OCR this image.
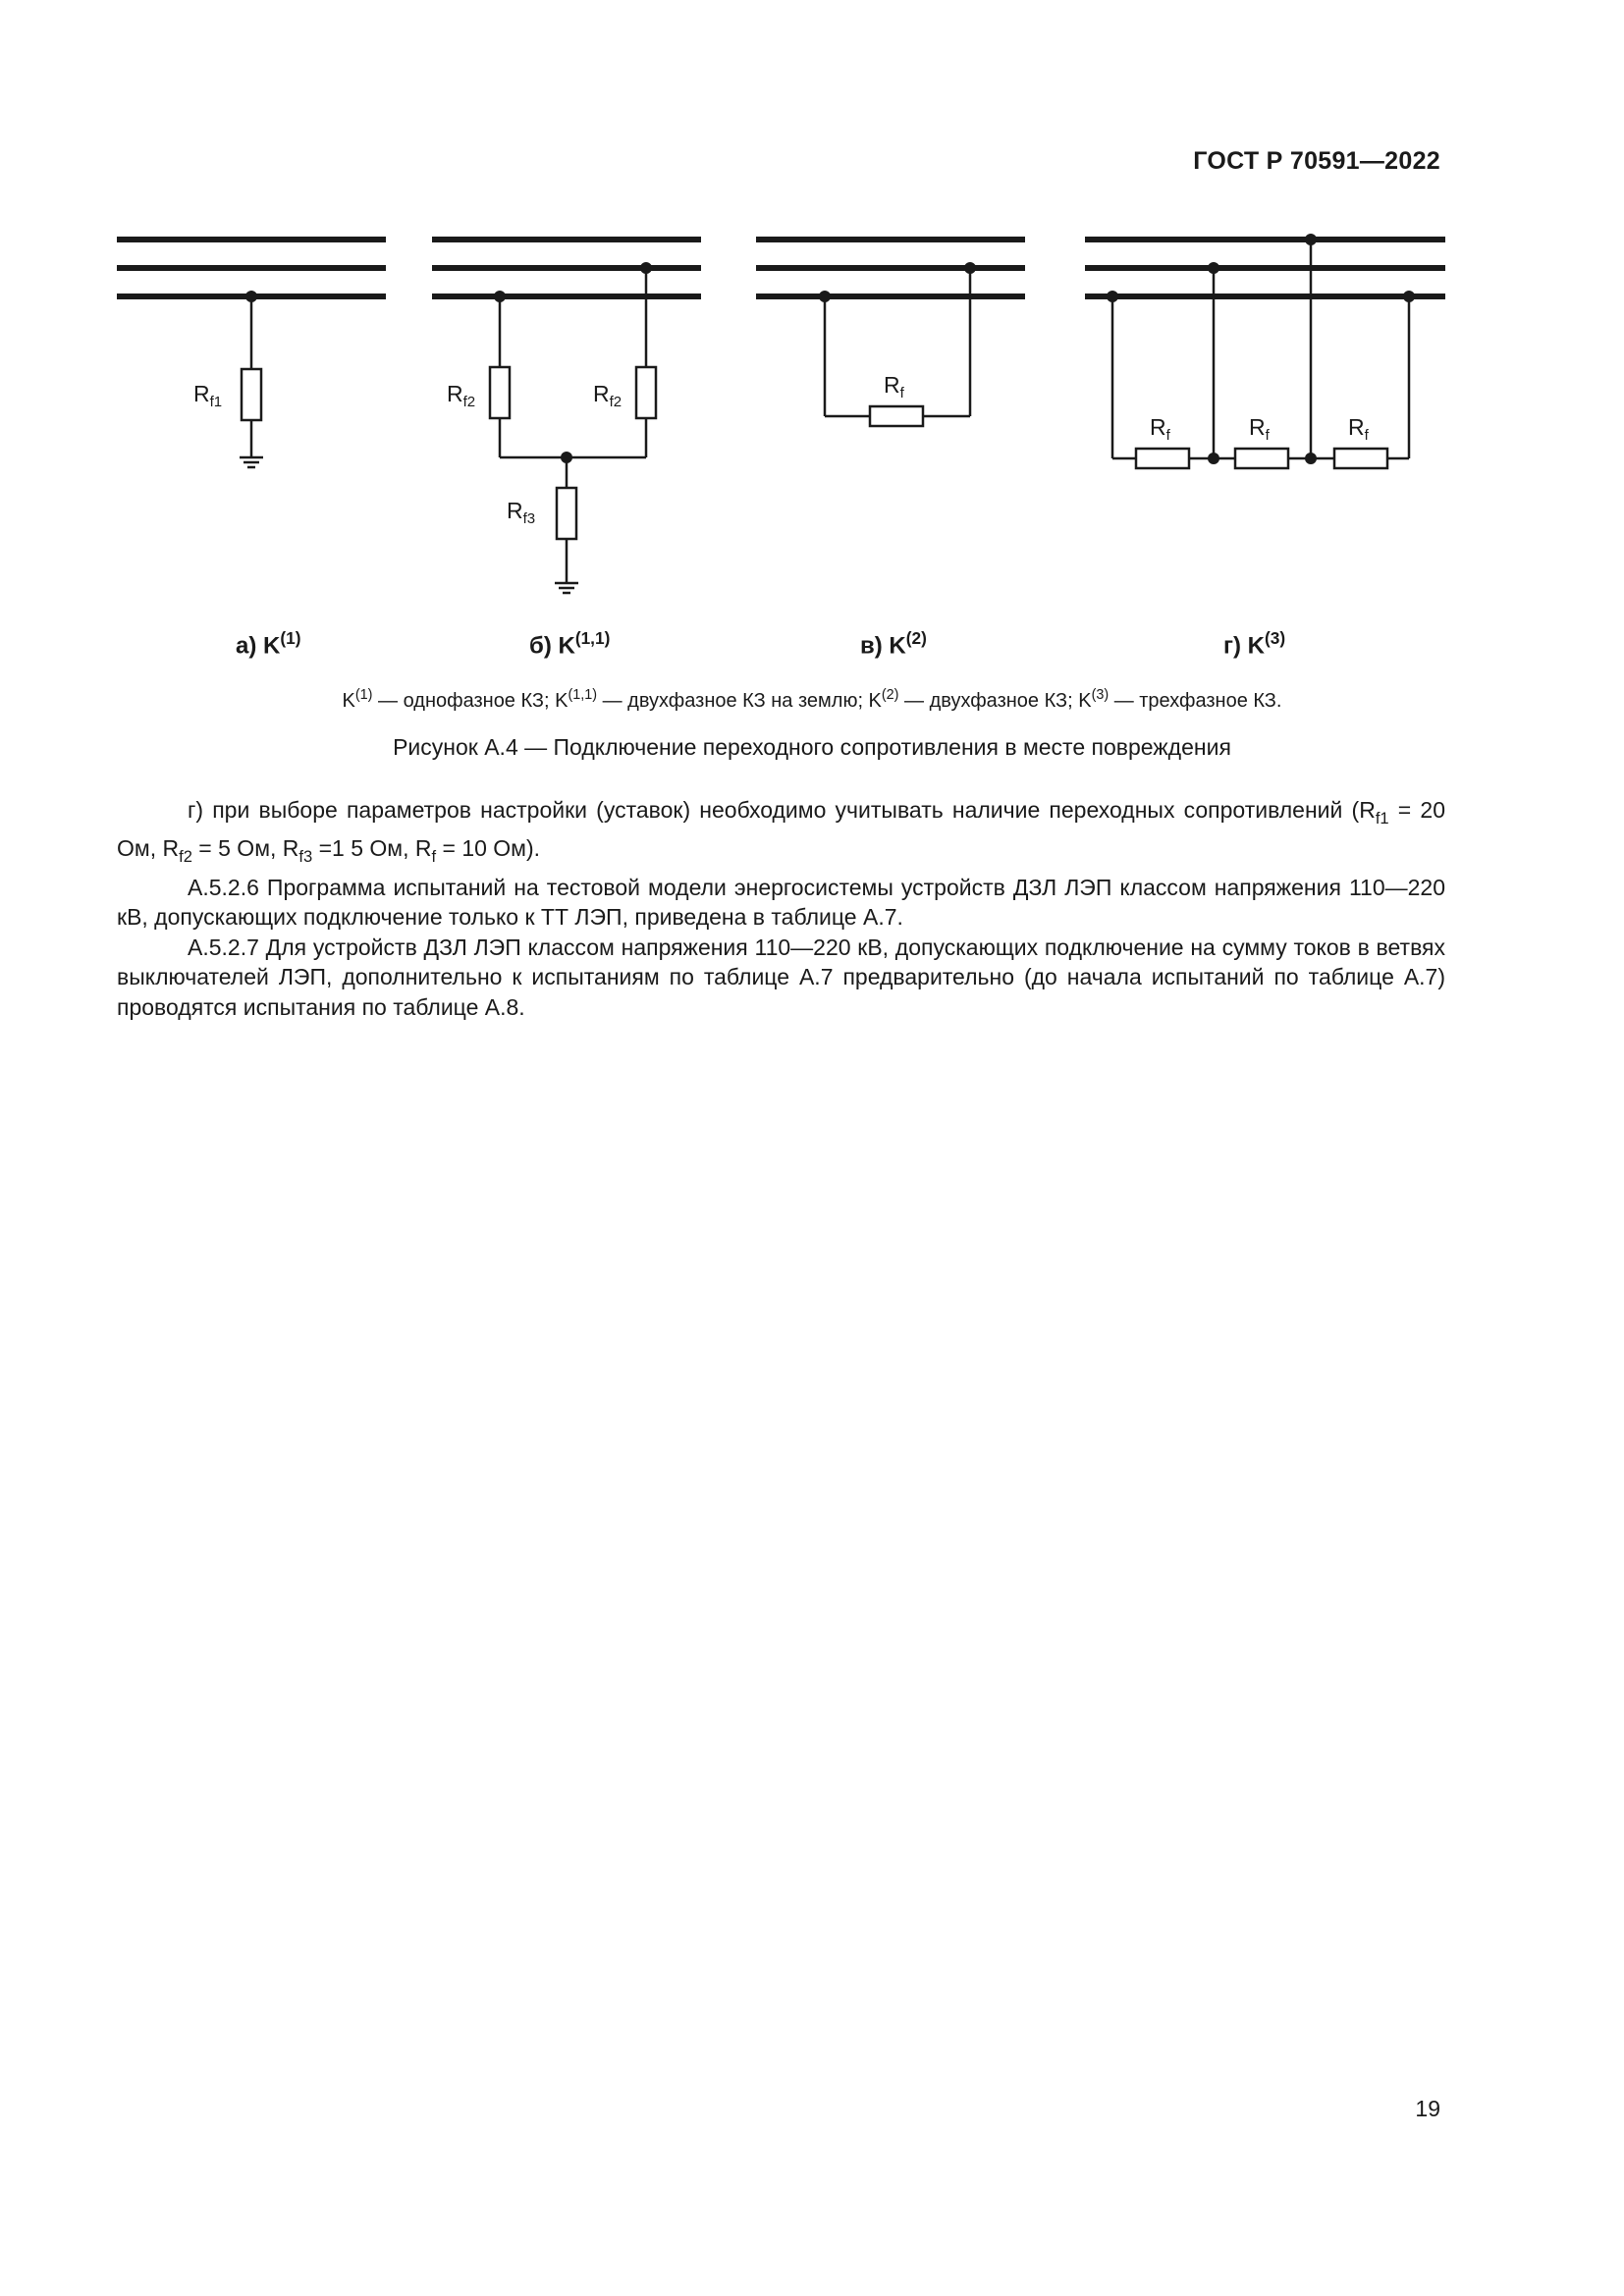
ГОСТ Р 70591—2022
$R_{f1}$	$R_{f2}$	$R_{f2}$
$R_{f3}$
$R_f$
$R_f$	$R_f$	$R_f$
а) $K^{(1)}$	б) K$^{(1,1)}$	в) $K^{(2)}$	г) $K^{(3)}$
$K^{(1)}$ — однофазное КЗ; K$^{(1,1)}$ — двухфазное КЗ на землю; $K^{(2)}$ — двухфазное КЗ; $K^{(3)}$ — трехфазное КЗ.
Рисунок А.4 — Подключение переходного сопротивления в месте повреждения

г) при выборе параметров настройки (уставок) необходимо учитывать наличие переходных сопротивлений ($R_{f1} = 20$ Ом, $R_{f2} = 5$ Ом, $R_{f3} =1$ 5 Ом, $R_f = 10$ Ом).

А.5.2.6 Программа испытаний на тестовой модели энергосистемы устройств ДЗЛ ЛЭП классом напряжения 110—220 кВ, допускающих подключение только к ТТ ЛЭП, приведена в таблице А.7.

А.5.2.7 Для устройств ДЗЛ ЛЭП классом напряжения 110—220 кВ, допускающих подключение на сумму токов в ветвях выключателей ЛЭП, дополнительно к испытаниям по таблице А.7 предварительно (до начала испытаний по таблице А.7) проводятся испытания по таблице А.8.

19
